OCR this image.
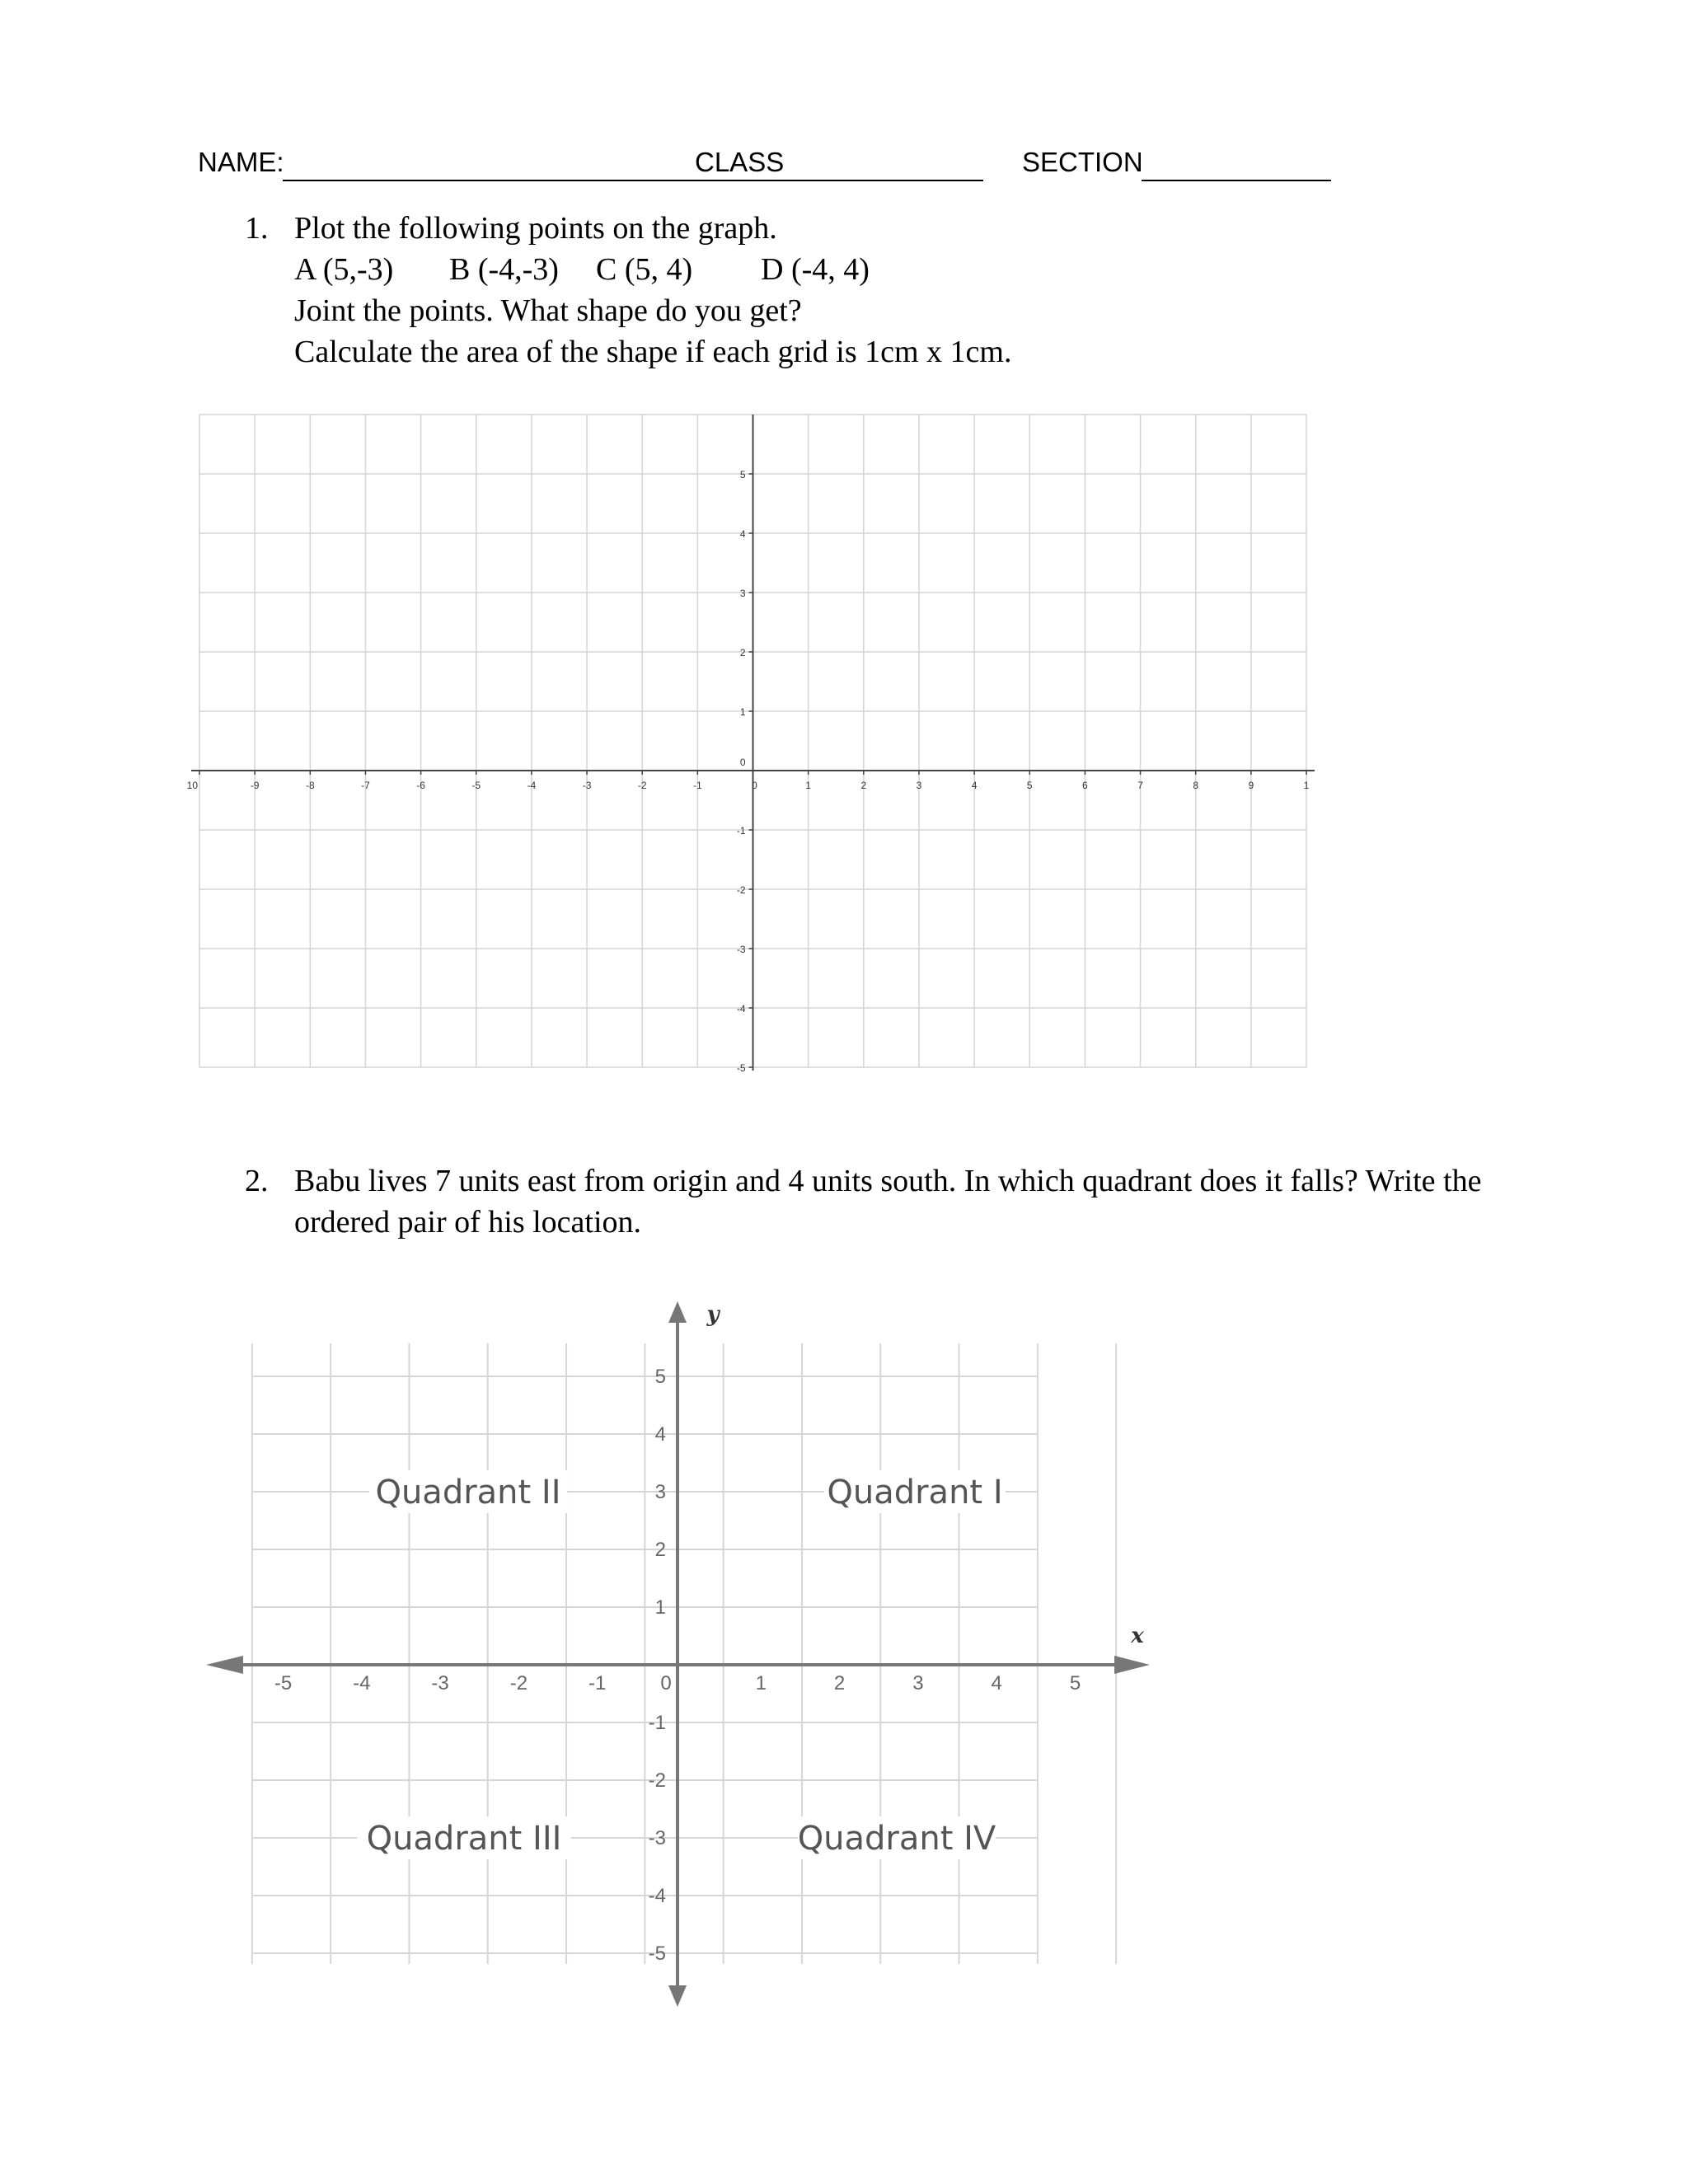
NAME:	CLASS	SECTION
1. Plot the following points on the graph.
A (5,-3) B (-4,-3) C (5, 4) D (-4, 4)
Joint the points. What shape do you get?
Calculate the area of the shape if each grid is 1cm x 1cm.
10	-9	-8	-7	-6	-5	-4	-3	-2	-1	0	1	2	3	4	5	6	7	8	9	1
5
4
3
2
1
0
-1
-2
-3
-4
-5
2. Babu lives 7 units east from origin and 4 units south. In which quadrant does it falls? Write the
ordered pair of his location.
x
y
-5	-4	-3	-2	-1	0	1	2	3	4	5
5
4
3
2
1
-1
-2
-3
-4
-5
Quadrant II	Quadrant I
Quadrant III	Quadrant IV
